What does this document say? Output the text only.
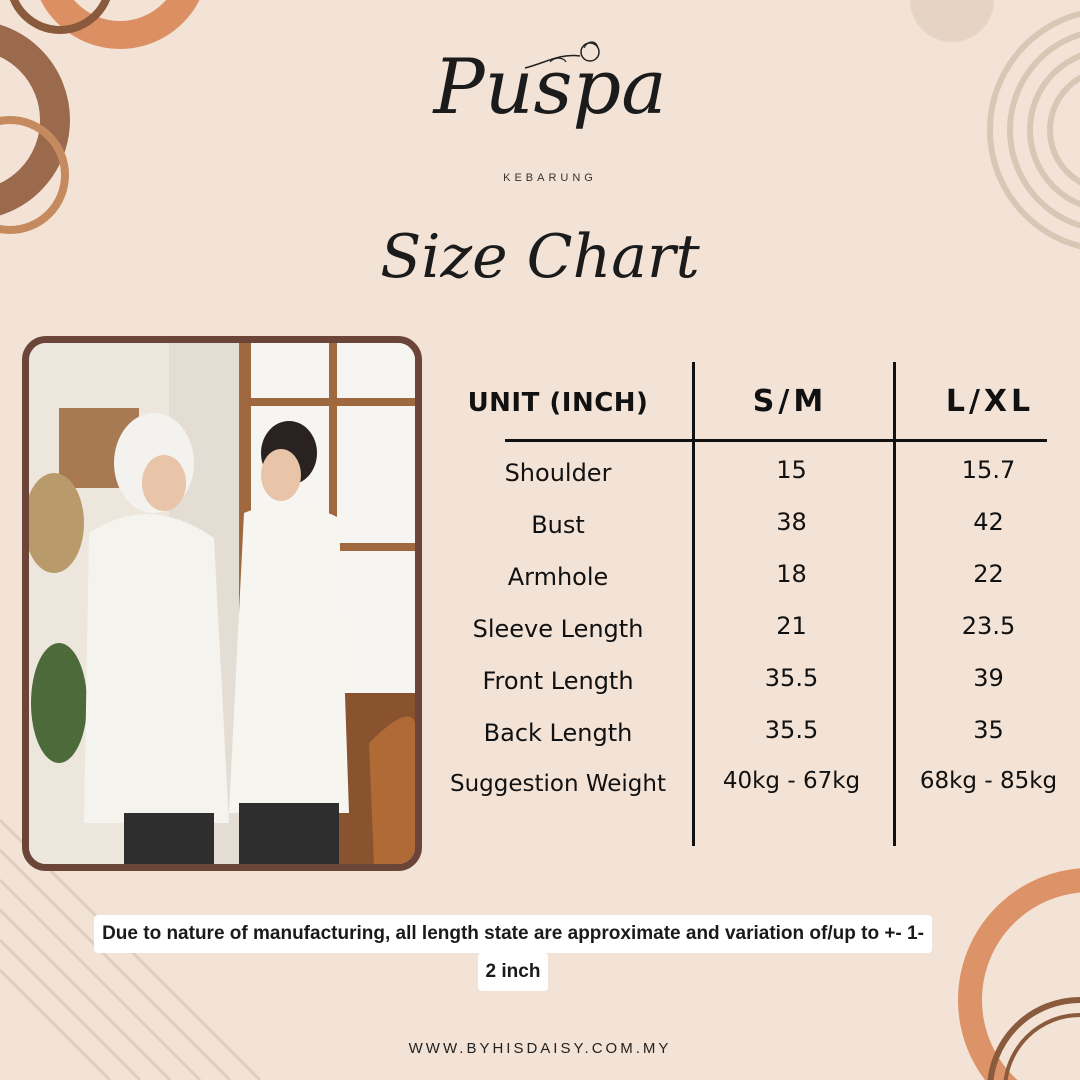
Puspa
KEBARUNG
Size Chart
UNIT (INCH)	S/M	L/XL
Shoulder	15	15.7
Bust	38	42
Armhole	18	22
Sleeve Length	21	23.5
Front Length	35.5	39
Back Length	35.5	35
Suggestion Weight	40kg - 67kg	68kg - 85kg
Due to nature of manufacturing, all length state are approximate and variation of/up to +- 1-
2 inch
WWW.BYHISDAISY.COM.MY
